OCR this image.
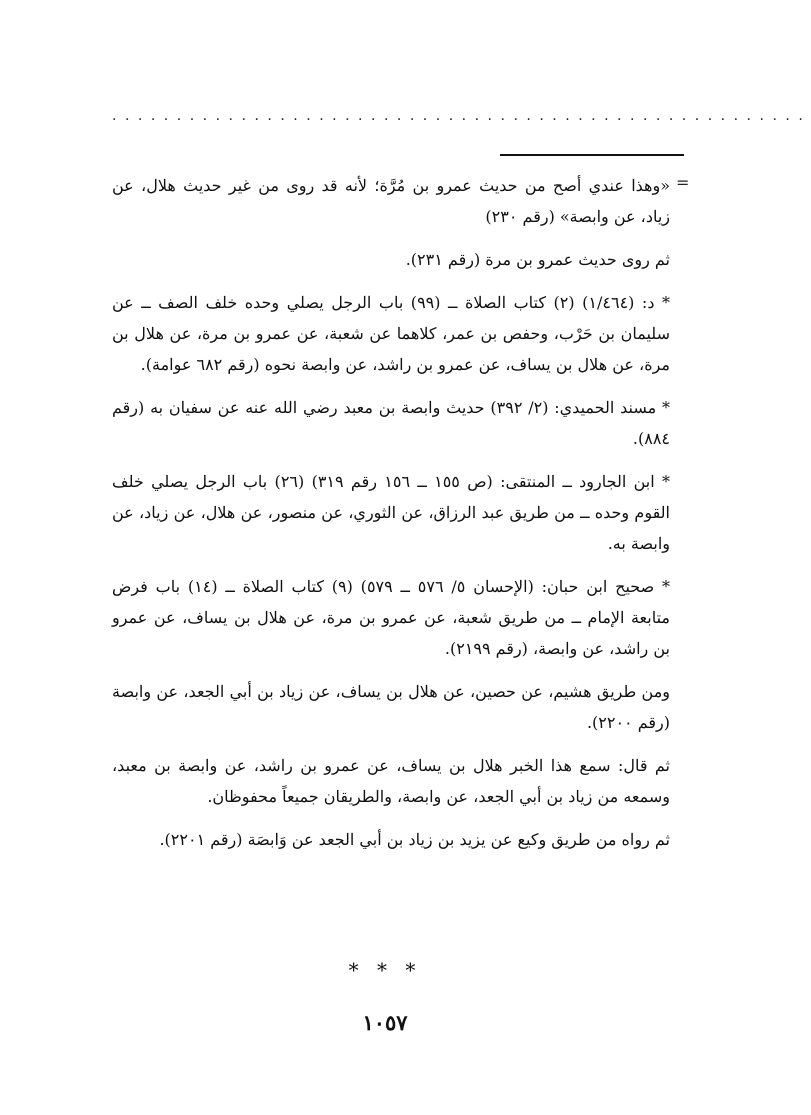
......................................................
=

«وهذا عندي أصح من حديث عمرو بن مُرَّة؛ لأنه قد روى من غير حديث هلال، عن زياد، عن وابصة» (رقم ٢٣٠)

ثم روى حديث عمرو بن مرة (رقم ٢٣١).

* د: (١/٤٦٤) (٢) كتاب الصلاة ــ (٩٩) باب الرجل يصلي وحده خلف الصف ــ عن سليمان بن حَرْب، وحفص بن عمر، كلاهما عن شعبة، عن عمرو بن مرة، عن هلال بن مرة، عن هلال بن يساف، عن عمرو بن راشد، عن وابصة نحوه (رقم ٦٨٢ عوامة).

* مسند الحميدي: (٢/ ٣٩٢) حديث وابصة بن معبد رضي الله عنه عن سفيان به (رقم ٨٨٤).

* ابن الجارود ــ المنتقى: (ص ١٥٥ ــ ١٥٦ رقم ٣١٩) (٢٦) باب الرجل يصلي خلف القوم وحده ــ من طريق عبد الرزاق، عن الثوري، عن منصور، عن هلال، عن زياد، عن وابصة به.

* صحيح ابن حبان: (الإحسان ٥/ ٥٧٦ ــ ٥٧٩) (٩) كتاب الصلاة ــ (١٤) باب فرض متابعة الإمام ــ من طريق شعبة، عن عمرو بن مرة، عن هلال بن يساف، عن عمرو بن راشد، عن وابصة، (رقم ٢١٩٩).

ومن طريق هشيم، عن حصين، عن هلال بن يساف، عن زياد بن أبي الجعد، عن وابصة (رقم ٢٢٠٠).

ثم قال: سمع هذا الخبر هلال بن يساف، عن عمرو بن راشد، عن وابصة بن معبد، وسمعه من زياد بن أبي الجعد، عن وابصة، والطريقان جميعاً محفوظان.

ثم رواه من طريق وكيع عن يزيد بن زياد بن أبي الجعد عن وَابصَة (رقم ٢٢٠١).

* * *
١٠٥٧
